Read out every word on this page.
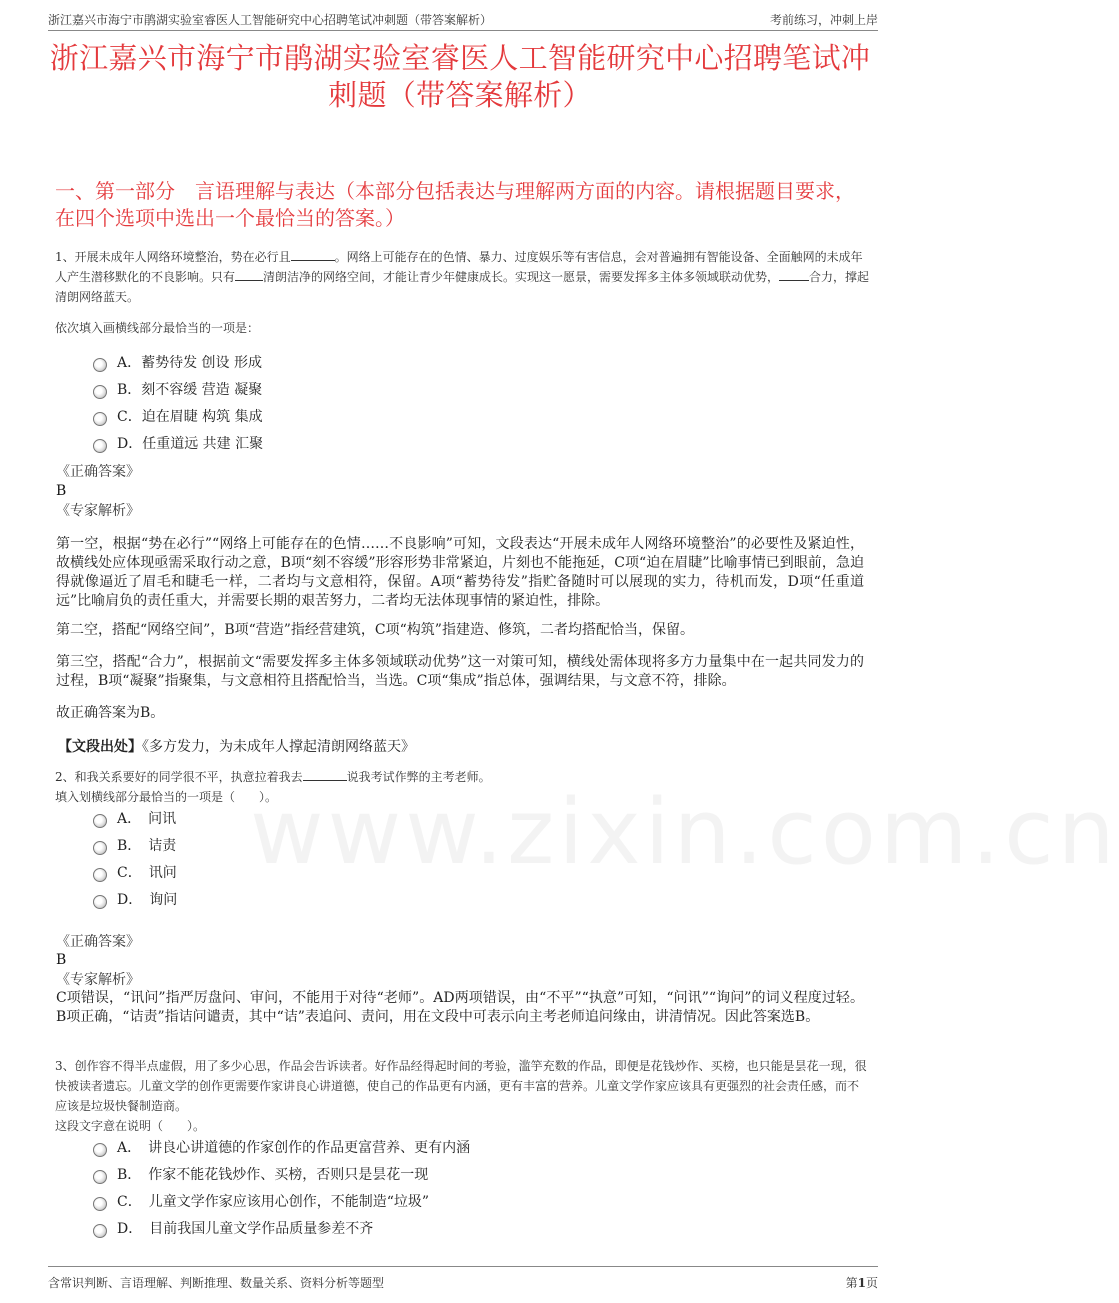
www.zixin.com.cn
浙江嘉兴市海宁市鹃湖实验室睿医人工智能研究中心招聘笔试冲刺题（带答案解析）	考前练习，冲刺上岸
浙江嘉兴市海宁市鹃湖实验室睿医人工智能研究中心招聘笔试冲刺题（带答案解析）
一、第一部分　言语理解与表达（本部分包括表达与理解两方面的内容。请根据题目要求，在四个选项中选出一个最恰当的答案。）
1、开展未成年人网络环境整治，势在必行且	。网络上可能存在的色情、暴力、过度娱乐等有害信息，会对普遍拥有智能设备、全面触网的未成年人产生潜移默化的不良影响。只有 清朗洁净的网络空间，才能让青少年健康成长。实现这一愿景，需要发挥多主体多领域联动优势，	合力，撑起清朗网络蓝天。
依次填入画横线部分最恰当的一项是：
A．蓄势待发 创设 形成
B．刻不容缓 营造 凝聚
C．迫在眉睫 构筑 集成
D．任重道远 共建 汇聚
《正确答案》
B
《专家解析》
第一空，根据“势在必行”“网络上可能存在的色情……不良影响”可知，文段表达“开展未成年人网络环境整治”的必要性及紧迫性，故横线处应体现亟需采取行动之意，B项“刻不容缓”形容形势非常紧迫，片刻也不能拖延，C项“迫在眉睫”比喻事情已到眼前，急迫得就像逼近了眉毛和睫毛一样，二者均与文意相符，保留。A项“蓄势待发”指贮备随时可以展现的实力，待机而发，D项“任重道远”比喻肩负的责任重大，并需要长期的艰苦努力，二者均无法体现事情的紧迫性，排除。
第二空，搭配“网络空间”，B项“营造”指经营建筑，C项“构筑”指建造、修筑，二者均搭配恰当，保留。
第三空，搭配“合力”，根据前文“需要发挥多主体多领域联动优势”这一对策可知，横线处需体现将多方力量集中在一起共同发力的过程，B项“凝聚”指聚集，与文意相符且搭配恰当，当选。C项“集成”指总体，强调结果，与文意不符，排除。
故正确答案为B。
【文段出处】《多方发力，为未成年人撑起清朗网络蓝天》
2、和我关系要好的同学很不平，执意拉着我去	说我考试作弊的主考老师。
填入划横线部分最恰当的一项是（　　）。
A．　问讯
B．　诘责
C．　讯问
D．　询问
《正确答案》
B
《专家解析》
C项错误，“讯问”指严厉盘问、审问，不能用于对待“老师”。AD两项错误，由“不平”“执意”可知，“问讯”“询问”的词义程度过轻。B项正确，“诘责”指诘问谴责，其中“诘”表追问、责问，用在文段中可表示向主考老师追问缘由，讲清情况。因此答案选B。
3、创作容不得半点虚假，用了多少心思，作品会告诉读者。好作品经得起时间的考验，滥竽充数的作品，即便是花钱炒作、买榜，也只能是昙花一现，很快被读者遗忘。儿童文学的创作更需要作家讲良心讲道德，使自己的作品更有内涵，更有丰富的营养。儿童文学作家应该具有更强烈的社会责任感，而不应该是垃圾快餐制造商。
这段文字意在说明（　　）。
A．　讲良心讲道德的作家创作的作品更富营养、更有内涵
B．　作家不能花钱炒作、买榜，否则只是昙花一现
C．　儿童文学作家应该用心创作，不能制造“垃圾”
D．　目前我国儿童文学作品质量参差不齐
含常识判断、言语理解、判断推理、数量关系、资料分析等题型	第1页
